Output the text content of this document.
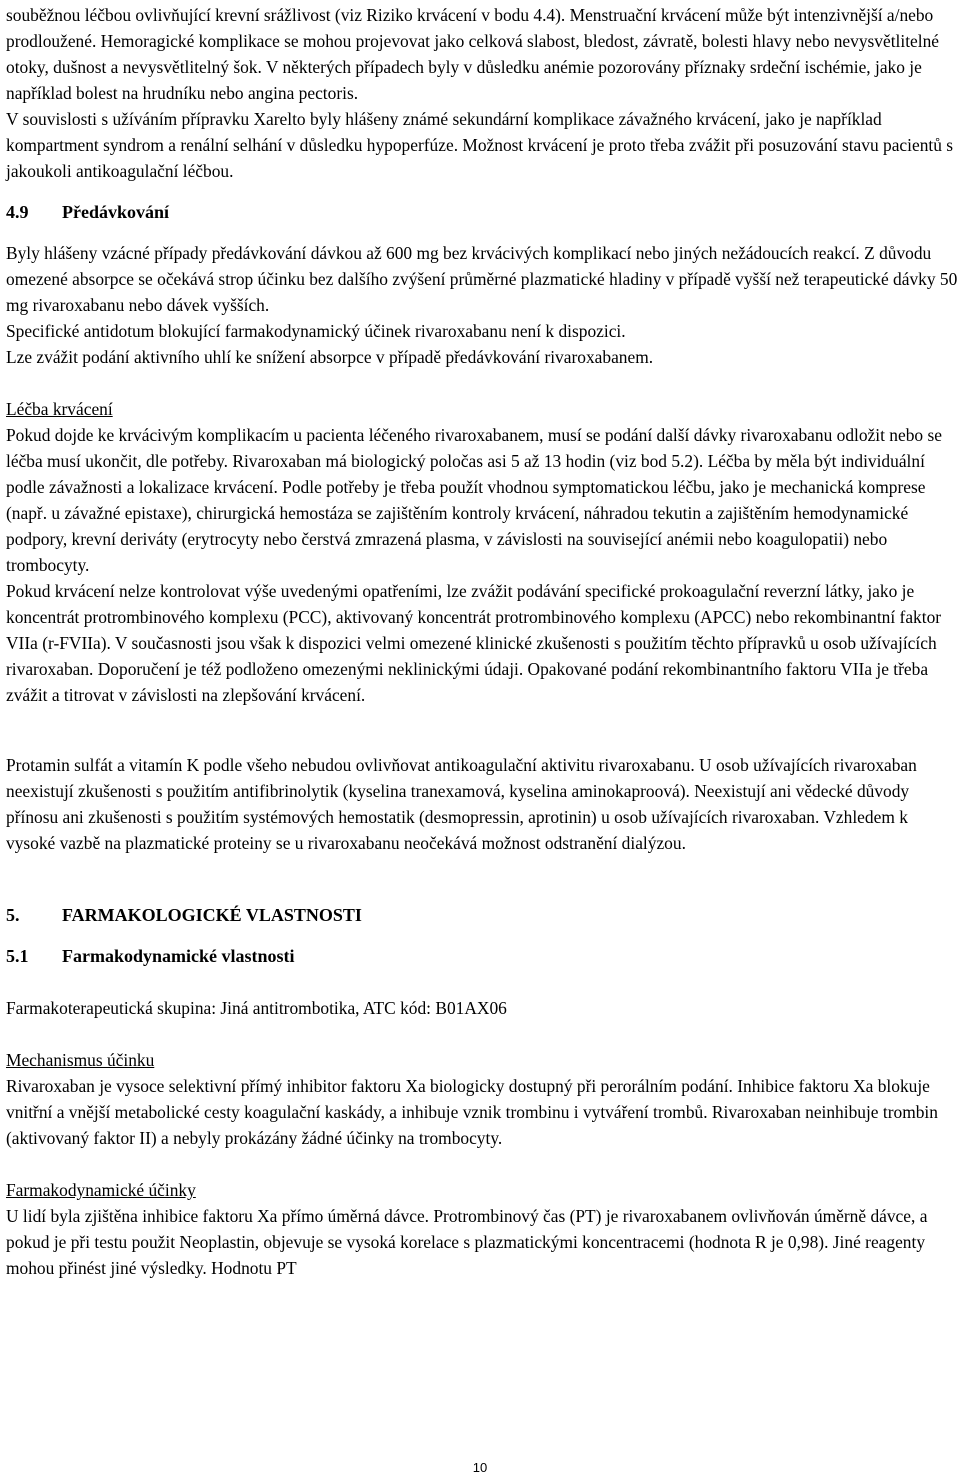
souběžnou léčbou ovlivňující krevní srážlivost (viz Riziko krvácení v bodu 4.4). Menstruační krvácení může být intenzivnější a/nebo prodloužené. Hemoragické komplikace se mohou projevovat jako celková slabost, bledost, závratě, bolesti hlavy nebo nevysvětlitelné otoky, dušnost a nevysvětlitelný šok. V některých případech byly v důsledku anémie pozorovány příznaky srdeční ischémie, jako je například bolest na hrudníku nebo angina pectoris.

V souvislosti s užíváním přípravku Xarelto byly hlášeny známé sekundární komplikace závažného krvácení, jako je například kompartment syndrom a renální selhání v důsledku hypoperfúze. Možnost krvácení je proto třeba zvážit při posuzování stavu pacientů s jakoukoli antikoagulační léčbou.

4.9	Předávkování

Byly hlášeny vzácné případy předávkování dávkou až 600 mg bez krvácivých komplikací nebo jiných nežádoucích reakcí. Z důvodu omezené absorpce se očekává strop účinku bez dalšího zvýšení průměrné plazmatické hladiny v případě vyšší než terapeutické dávky 50 mg rivaroxabanu nebo dávek vyšších.

Specifické antidotum blokující farmakodynamický účinek rivaroxabanu není k dispozici.

Lze zvážit podání aktivního uhlí ke snížení absorpce v případě předávkování rivaroxabanem.

Léčba krvácení

Pokud dojde ke krvácivým komplikacím u pacienta léčeného rivaroxabanem, musí se podání další dávky rivaroxabanu odložit nebo se léčba musí ukončit, dle potřeby. Rivaroxaban má biologický poločas asi 5 až 13 hodin (viz bod 5.2). Léčba by měla být individuální podle závažnosti a lokalizace krvácení. Podle potřeby je třeba použít vhodnou symptomatickou léčbu, jako je mechanická komprese (např. u závažné epistaxe), chirurgická hemostáza se zajištěním kontroly krvácení, náhradou tekutin a zajištěním hemodynamické podpory, krevní deriváty (erytrocyty nebo čerstvá zmrazená plasma, v závislosti na související anémii nebo koagulopatii) nebo trombocyty.

Pokud krvácení nelze kontrolovat výše uvedenými opatřeními, lze zvážit podávání specifické prokoagulační reverzní látky, jako je koncentrát protrombinového komplexu (PCC), aktivovaný koncentrát protrombinového komplexu (APCC) nebo rekombinantní faktor VIIa (r-FVIIa). V současnosti jsou však k dispozici velmi omezené klinické zkušenosti s použitím těchto přípravků u osob užívajících rivaroxaban. Doporučení je též podloženo omezenými neklinickými údaji. Opakované podání rekombinantního faktoru VIIa je třeba zvážit a titrovat v závislosti na zlepšování krvácení.

Protamin sulfát a vitamín K podle všeho nebudou ovlivňovat antikoagulační aktivitu rivaroxabanu. U osob užívajících rivaroxaban neexistují zkušenosti s použitím antifibrinolytik (kyselina tranexamová, kyselina aminokaproová). Neexistují ani vědecké důvody přínosu ani zkušenosti s použitím systémových hemostatik (desmopressin, aprotinin) u osob užívajících rivaroxaban. Vzhledem k vysoké vazbě na plazmatické proteiny se u rivaroxabanu neočekává možnost odstranění dialýzou.

5.	FARMAKOLOGICKÉ VLASTNOSTI
5.1	Farmakodynamické vlastnosti

Farmakoterapeutická skupina: Jiná antitrombotika, ATC kód: B01AX06

Mechanismus účinku

Rivaroxaban je vysoce selektivní přímý inhibitor faktoru Xa biologicky dostupný při perorálním podání. Inhibice faktoru Xa blokuje vnitřní a vnější metabolické cesty koagulační kaskády, a inhibuje vznik trombinu i vytváření trombů. Rivaroxaban neinhibuje trombin (aktivovaný faktor II) a nebyly prokázány žádné účinky na trombocyty.

Farmakodynamické účinky

U lidí byla zjištěna inhibice faktoru Xa přímo úměrná dávce. Protrombinový čas (PT) je rivaroxabanem ovlivňován úměrně dávce, a pokud je při testu použit Neoplastin, objevuje se vysoká korelace s plazmatickými koncentracemi (hodnota R je 0,98). Jiné reagenty mohou přinést jiné výsledky. Hodnotu PT

10
